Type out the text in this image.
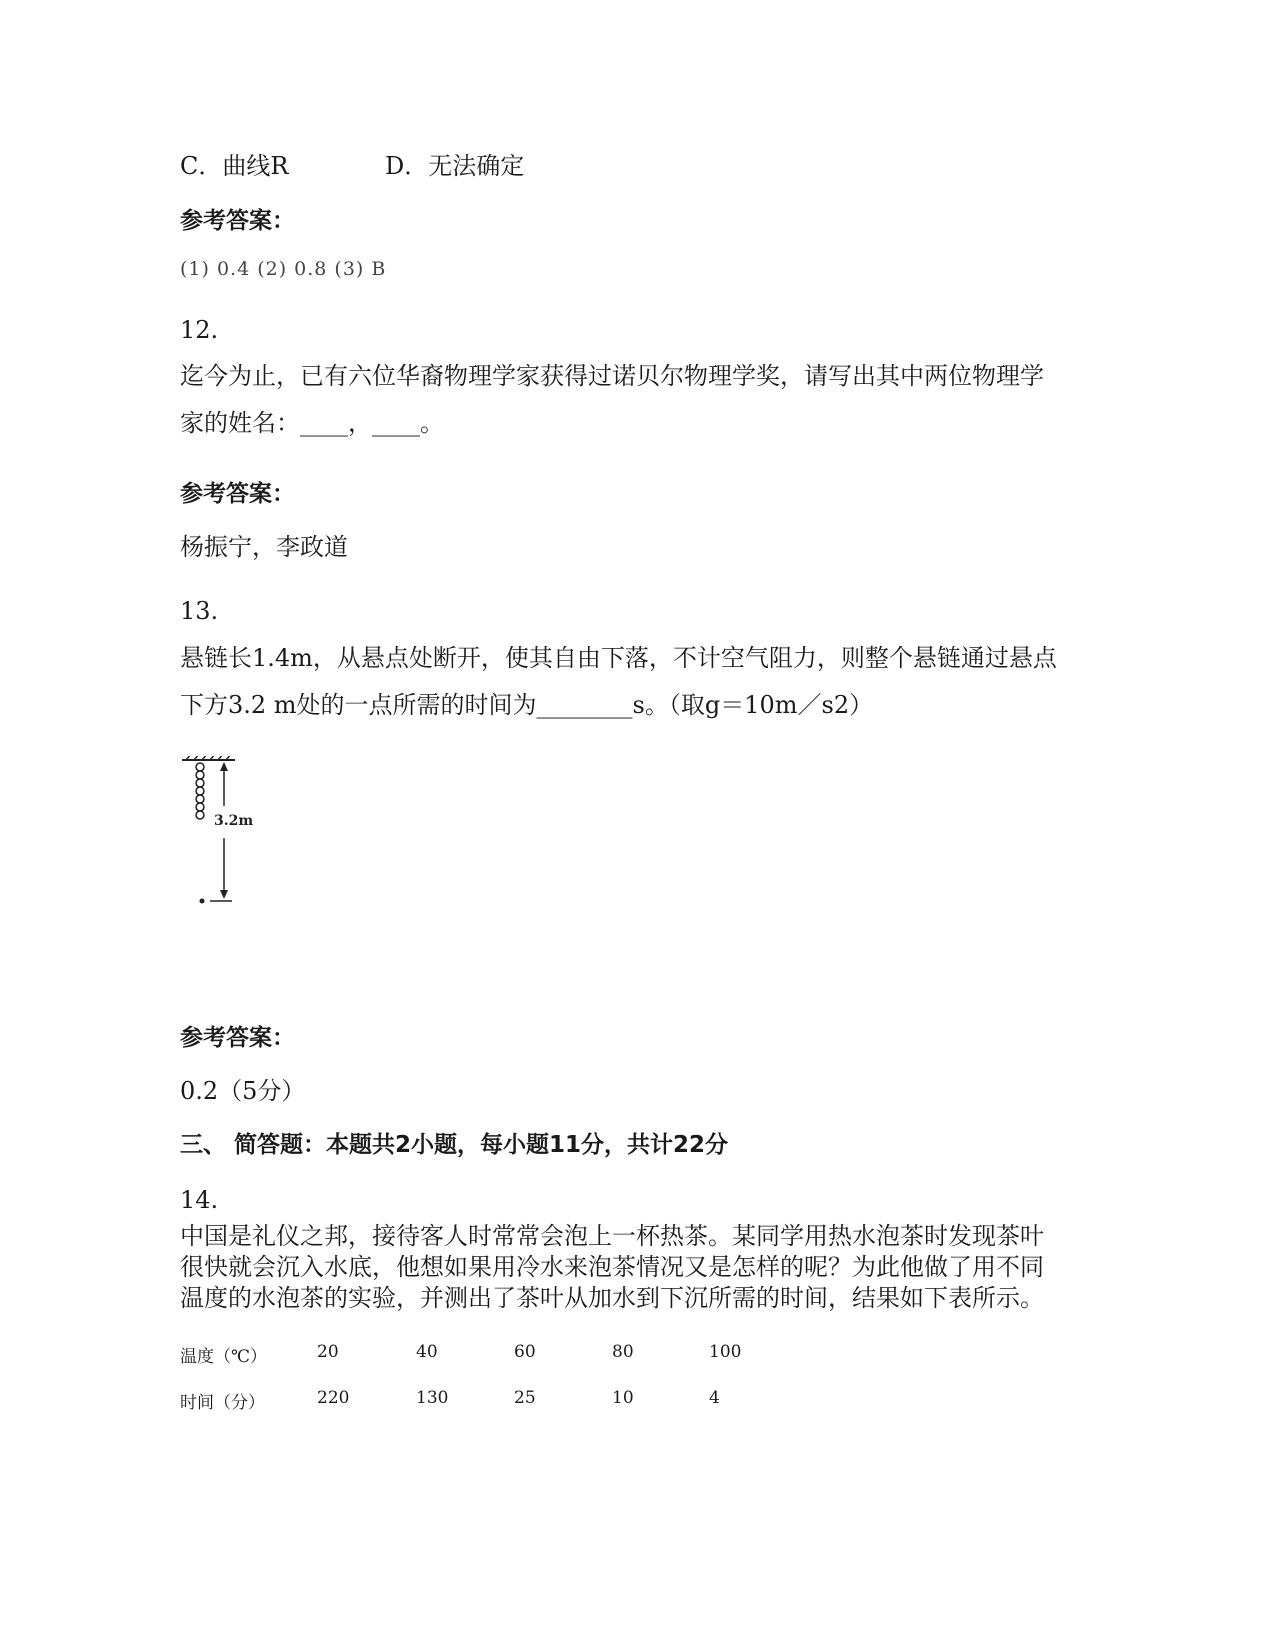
C．曲线R	D．无法确定
参考答案：
(1) 0.4 (2) 0.8 (3) B
12.
迄今为止，已有六位华裔物理学家获得过诺贝尔物理学奖，请写出其中两位物理学
家的姓名：____，____。
参考答案：
杨振宁，李政道
13.
悬链长1.4m，从悬点处断开，使其自由下落，不计空气阻力，则整个悬链通过悬点
下方3.2 m处的一点所需的时间为________s。（取g＝10m／s2）
3.2m
参考答案：
0.2（5分）
三、 简答题：本题共2小题，每小题11分，共计22分
14.
中国是礼仪之邦，接待客人时常常会泡上一杯热茶。某同学用热水泡茶时发现茶叶
很快就会沉入水底，他想如果用冷水来泡茶情况又是怎样的呢？为此他做了用不同
温度的水泡茶的实验，并测出了茶叶从加水到下沉所需的时间，结果如下表所示。
温度（℃）	20	40	60	80	100
时间（分）	220	130	25	10	4
